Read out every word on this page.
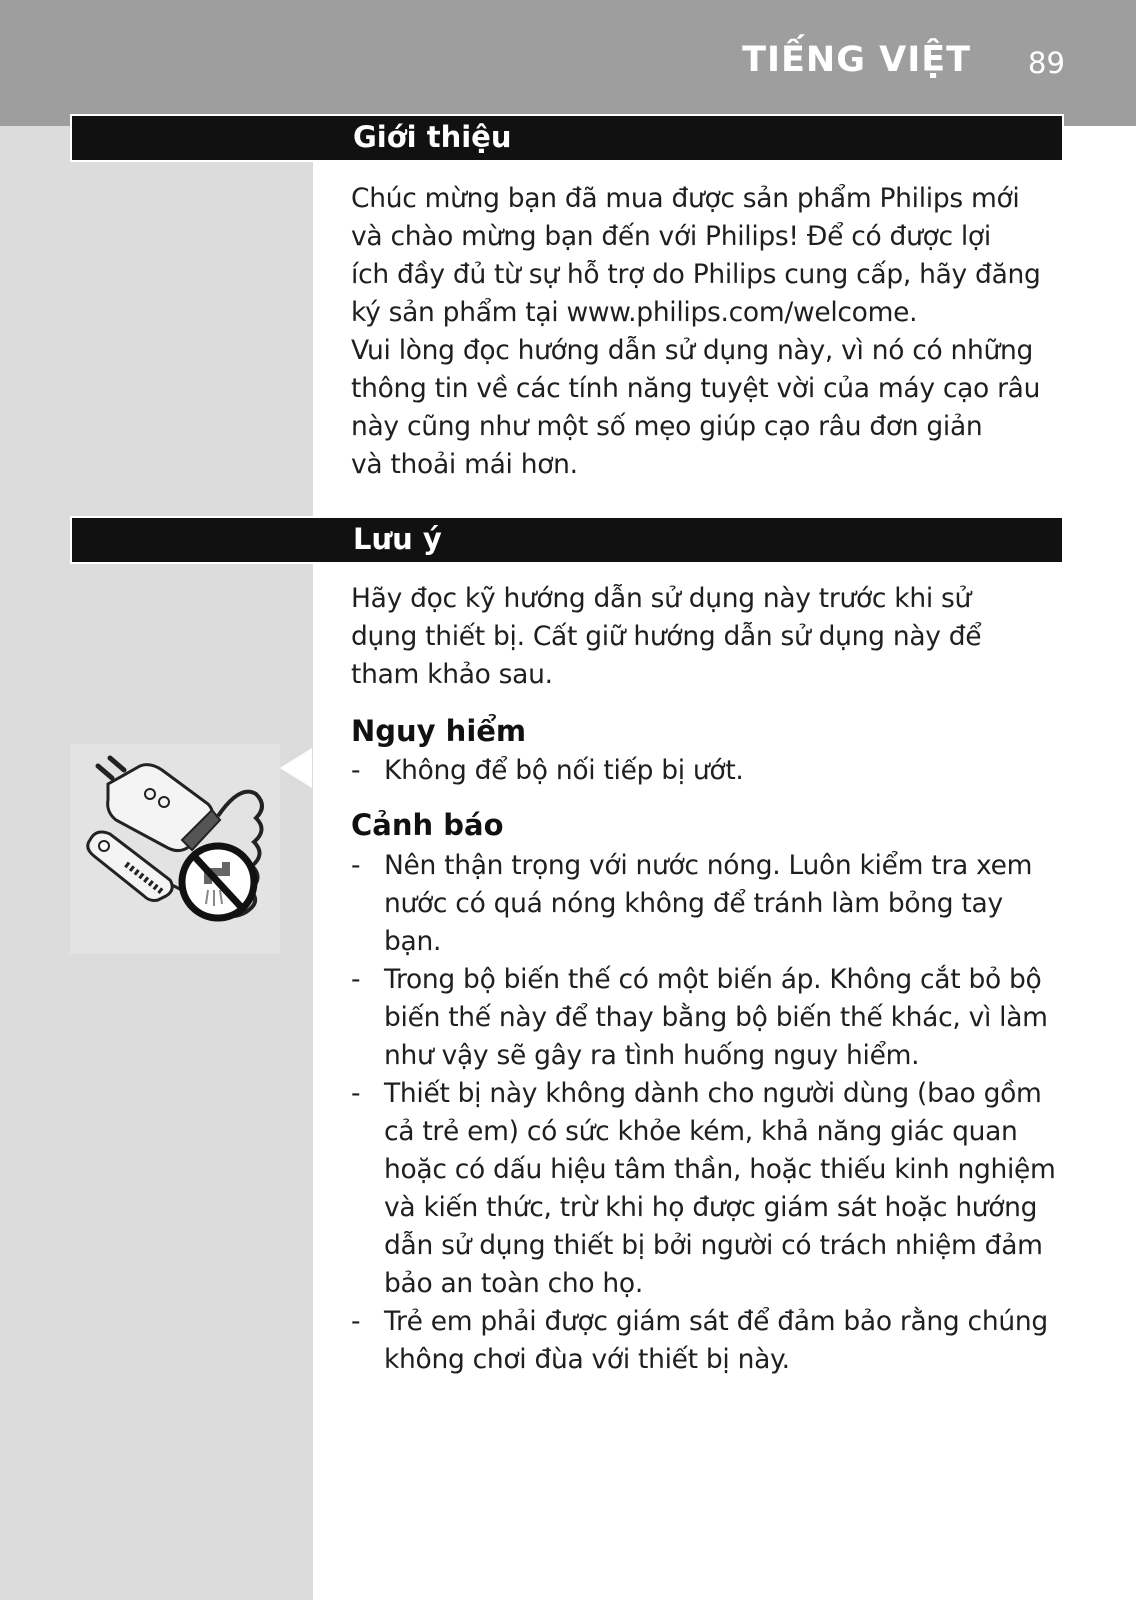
TIẾNG VIỆT 89
Giới thiệu

Chúc mừng bạn đã mua được sản phẩm Philips mới

và chào mừng bạn đến với Philips! Để có được lợi

ích đầy đủ từ sự hỗ trợ do Philips cung cấp, hãy đăng

ký sản phẩm tại www.philips.com/welcome.

Vui lòng đọc hướng dẫn sử dụng này, vì nó có những

thông tin về các tính năng tuyệt vời của máy cạo râu

này cũng như một số mẹo giúp cạo râu đơn giản

và thoải mái hơn.

Lưu ý

Hãy đọc kỹ hướng dẫn sử dụng này trước khi sử

dụng thiết bị. Cất giữ hướng dẫn sử dụng này để

tham khảo sau.

Nguy hiểm
- Không để bộ nối tiếp bị ướt.
Cảnh báo
- Nên thận trọng với nước nóng. Luôn kiểm tra xem nước có quá nóng không để tránh làm bỏng tay bạn.
- Trong bộ biến thế có một biến áp. Không cắt bỏ bộ biến thế này để thay bằng bộ biến thế khác, vì làm như vậy sẽ gây ra tình huống nguy hiểm.
- Thiết bị này không dành cho người dùng (bao gồm cả trẻ em) có sức khỏe kém, khả năng giác quan hoặc có dấu hiệu tâm thần, hoặc thiếu kinh nghiệm và kiến thức, trừ khi họ được giám sát hoặc hướng dẫn sử dụng thiết bị bởi người có trách nhiệm đảm bảo an toàn cho họ.
- Trẻ em phải được giám sát để đảm bảo rằng chúng không chơi đùa với thiết bị này.
